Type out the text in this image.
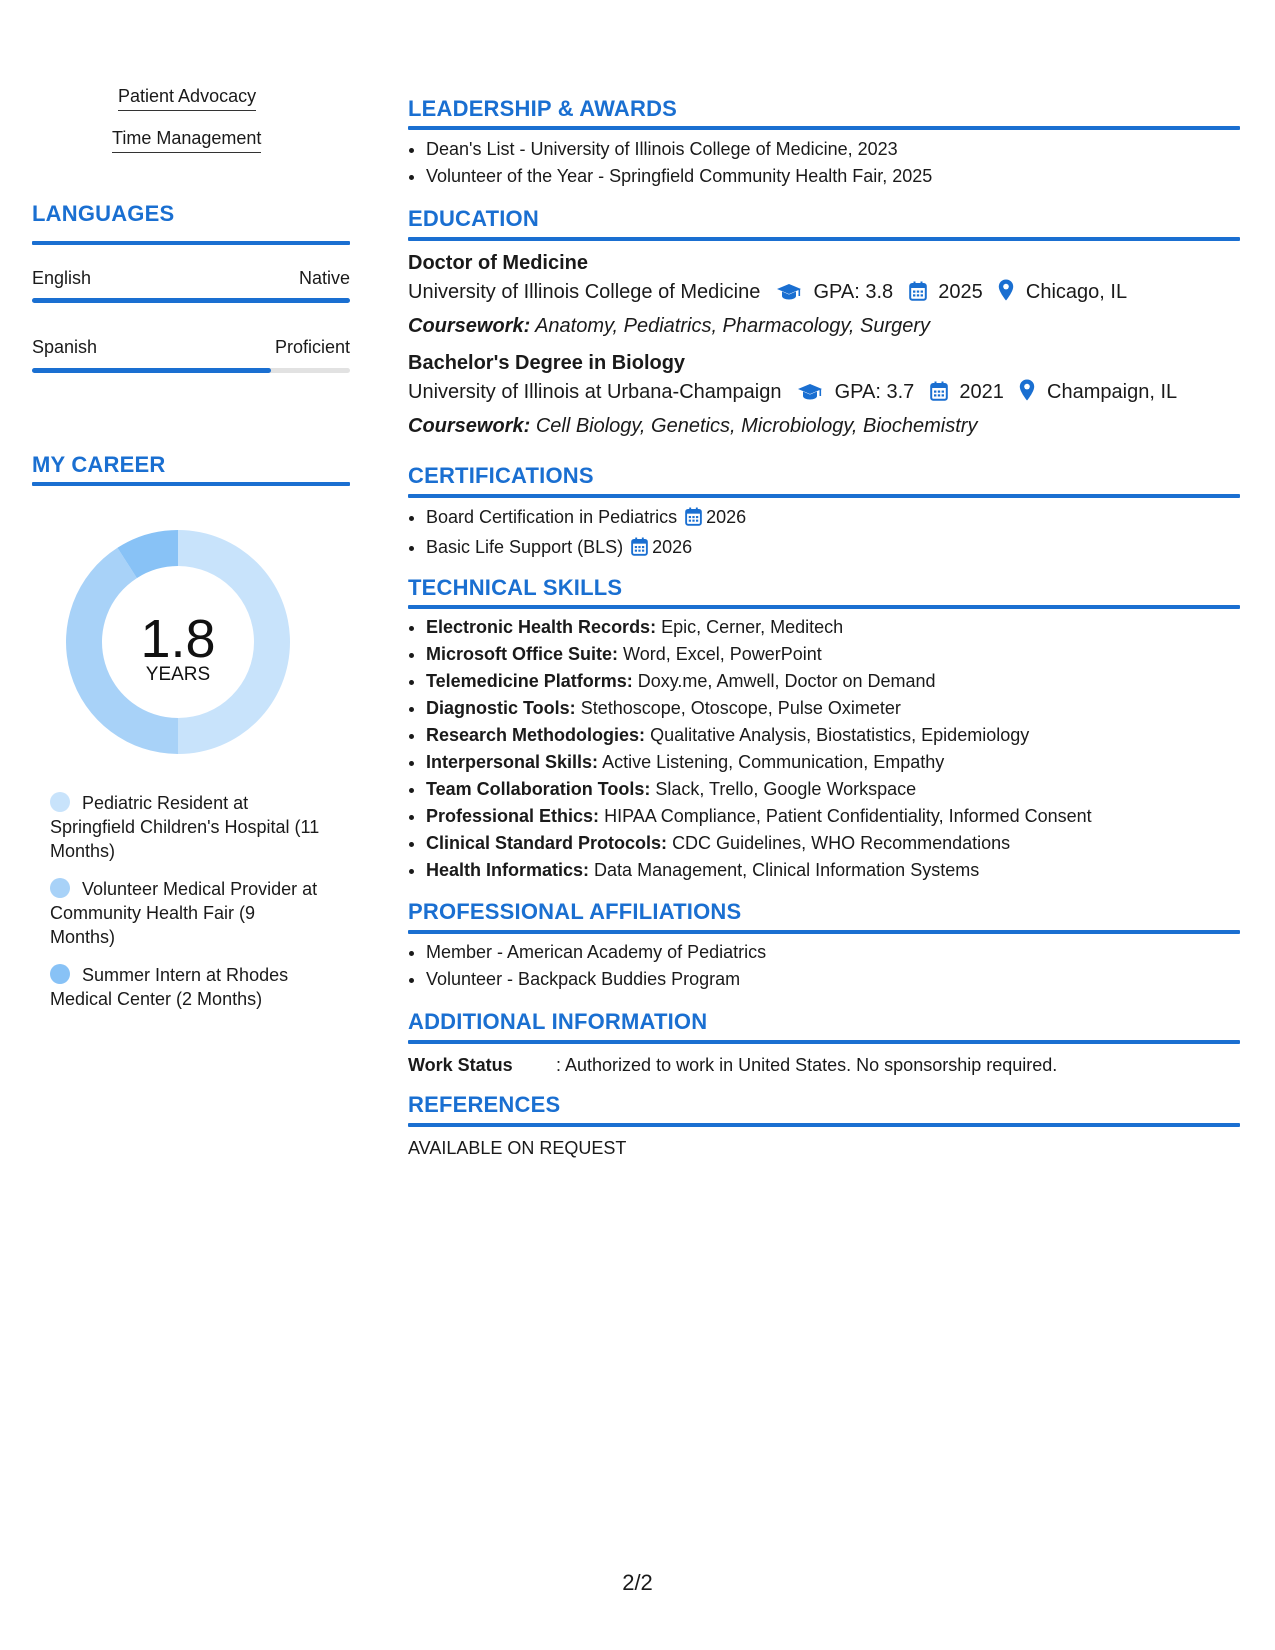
Patient Advocacy
Time Management
LANGUAGES
English	Native
Spanish	Proficient
MY CAREER
1.8
YEARS
Pediatric Resident at Springfield Children's Hospital (11 Months)
Volunteer Medical Provider at Community Health Fair (9 Months)
Summer Intern at Rhodes Medical Center (2 Months)
LEADERSHIP & AWARDS
• Dean's List - University of Illinois College of Medicine, 2023
• Volunteer of the Year - Springfield Community Health Fair, 2025
EDUCATION
Doctor of Medicine
University of Illinois College of Medicine	GPA: 3.8 2025 Chicago, IL
Coursework: Anatomy, Pediatrics, Pharmacology, Surgery
Bachelor's Degree in Biology
University of Illinois at Urbana-Champaign	GPA: 3.7 2021 Champaign, IL
Coursework: Cell Biology, Genetics, Microbiology, Biochemistry
CERTIFICATIONS
• Board Certification in Pediatrics 2026
• Basic Life Support (BLS) 2026
TECHNICAL SKILLS
• Electronic Health Records: Epic, Cerner, Meditech
• Microsoft Office Suite: Word, Excel, PowerPoint
• Telemedicine Platforms: Doxy.me, Amwell, Doctor on Demand
• Diagnostic Tools: Stethoscope, Otoscope, Pulse Oximeter
• Research Methodologies: Qualitative Analysis, Biostatistics, Epidemiology
• Interpersonal Skills: Active Listening, Communication, Empathy
• Team Collaboration Tools: Slack, Trello, Google Workspace
• Professional Ethics: HIPAA Compliance, Patient Confidentiality, Informed Consent
• Clinical Standard Protocols: CDC Guidelines, WHO Recommendations
• Health Informatics: Data Management, Clinical Information Systems
PROFESSIONAL AFFILIATIONS
• Member - American Academy of Pediatrics
• Volunteer - Backpack Buddies Program
ADDITIONAL INFORMATION
Work Status : Authorized to work in United States. No sponsorship required.
REFERENCES
AVAILABLE ON REQUEST
2/2
